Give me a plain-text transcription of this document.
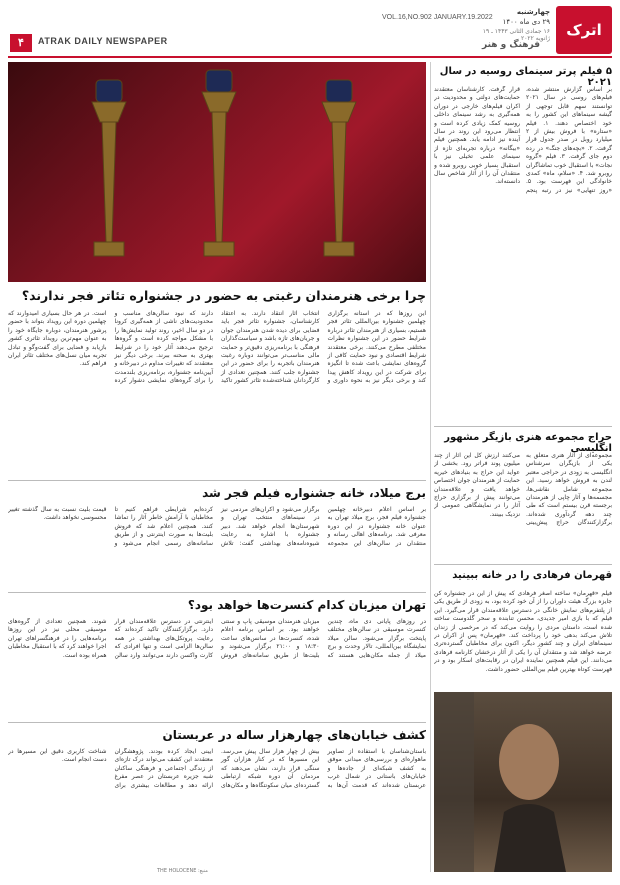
۴	ATRAK DAILY NEWSPAPER
VOL.16,NO.902 JANUARY.19.2022
چهارشنبه
۲۹ دی ماه ۱۴۰۰
۱۶ جمادی الثانی ۱۴۴۳ ـ ۱۹ ژانویه ۲۰۲۲
فرهنگ و هنر
اترک
چرا برخی هنرمندان رغبتی به حضور در جشنواره تئاتر فجر ندارند؟
این روزها که در آستانه برگزاری چهلمین جشنواره بین‌المللی تئاتر فجر هستیم، بسیاری از هنرمندان تئاتر درباره شرایط حضور در این جشنواره نظرات مختلفی مطرح می‌کنند. برخی معتقدند شرایط اقتصادی و نبود حمایت کافی از گروه‌های نمایشی باعث شده تا انگیزه برای شرکت در این رویداد کاهش پیدا کند و برخی دیگر نیز به نحوه داوری و انتخاب آثار انتقاد دارند. به اعتقاد کارشناسان، جشنواره تئاتر فجر باید فضایی برای دیده شدن هنرمندان جوان و جریان‌های تازه باشد و سیاست‌گذاران فرهنگی با برنامه‌ریزی دقیق‌تر و حمایت مالی مناسب‌تر می‌توانند دوباره رغبت هنرمندان باتجربه را برای حضور در این جشنواره جلب کنند. همچنین تعدادی از کارگردانان شناخته‌شده تئاتر کشور تاکید دارند که نبود سالن‌های مناسب و محدودیت‌های ناشی از همه‌گیری کرونا در دو سال اخیر، روند تولید نمایش‌ها را با مشکل مواجه کرده است و گروه‌ها ترجیح می‌دهند آثار خود را در شرایط بهتری به صحنه ببرند. برخی دیگر نیز معتقدند که تغییرات مداوم در دبیرخانه و آیین‌نامه جشنواره، برنامه‌ریزی بلندمدت را برای گروه‌های نمایشی دشوار کرده است. در هر حال بسیاری امیدوارند که چهلمین دوره این رویداد بتواند با حضور پرشور هنرمندان، دوباره جایگاه خود را به عنوان مهم‌ترین رویداد تئاتری کشور بازیابد و فضایی برای گفت‌وگو و تبادل تجربه میان نسل‌های مختلف تئاتر ایران فراهم کند.
برج میلاد، خانه جشنواره فیلم فجر شد
بر اساس اعلام دبیرخانه چهلمین جشنواره فیلم فجر، برج میلاد تهران به عنوان خانه جشنواره در این دوره معرفی شد. برنامه‌های اهالی رسانه و منتقدان در سالن‌های این مجموعه برگزار می‌شود و اکران‌های مردمی نیز در سینماهای منتخب تهران و شهرستان‌ها انجام خواهد شد. دبیر جشنواره با اشاره به رعایت شیوه‌نامه‌های بهداشتی گفت: تلاش کرده‌ایم شرایطی فراهم کنیم تا مخاطبان با آرامش خاطر آثار را تماشا کنند. همچنین اعلام شد که فروش بلیت‌ها به صورت اینترنتی و از طریق سامانه‌های رسمی انجام می‌شود و قیمت بلیت نسبت به سال گذشته تغییر محسوسی نخواهد داشت.
تهران میزبان کدام کنسرت‌ها خواهد بود؟
در روزهای پایانی دی ماه، چندین کنسرت موسیقی در سالن‌های مختلف پایتخت برگزار می‌شود. سالن میلاد نمایشگاه بین‌المللی، تالار وحدت و برج میلاد از جمله مکان‌هایی هستند که میزبان هنرمندان موسیقی پاپ و سنتی خواهند بود. بر اساس برنامه اعلام شده، کنسرت‌ها در سانس‌های ساعت ۱۸:۳۰ و ۲۱:۰۰ برگزار می‌شوند و بلیت‌ها از طریق سامانه‌های فروش اینترنتی در دسترس علاقه‌مندان قرار دارد. برگزارکنندگان تاکید کرده‌اند که رعایت پروتکل‌های بهداشتی در همه سالن‌ها الزامی است و تنها افرادی که کارت واکسن دارند می‌توانند وارد سالن شوند. همچنین تعدادی از گروه‌های موسیقی محلی نیز در این روزها برنامه‌هایی را در فرهنگسراهای تهران اجرا خواهند کرد که با استقبال مخاطبان همراه بوده است.
کشف خیابان‌های چهارهزار ساله در عربستان
باستان‌شناسان با استفاده از تصاویر ماهواره‌ای و بررسی‌های میدانی موفق به کشف شبکه‌ای از جاده‌ها و خیابان‌های باستانی در شمال غرب عربستان شده‌اند که قدمت آن‌ها به بیش از چهار هزار سال پیش می‌رسد. این مسیرها که در کنار هزاران گور سنگی قرار دارند، نشان می‌دهند که مردمان آن دوره شبکه ارتباطی گسترده‌ای میان سکونتگاه‌ها و مکان‌های آیینی ایجاد کرده بودند. پژوهشگران معتقدند این کشف می‌تواند درک تازه‌ای از زندگی اجتماعی و فرهنگی ساکنان شبه جزیره عربستان در عصر مفرغ ارائه دهد و مطالعات بیشتری برای شناخت کاربری دقیق این مسیرها در دست انجام است.
منبع: THE HOLOCENE
۵ فیلم پرتر سینمای روسیه در سال ۲۰۲۱
بر اساس گزارش منتشر شده، فیلم‌های روسی در سال ۲۰۲۱ توانستند سهم قابل توجهی از گیشه سینماهای این کشور را به خود اختصاص دهند. ۱. فیلم «ستاره» با فروش بیش از ۲ میلیارد روبل در صدر جدول قرار گرفت. ۲. «بچه‌های جنگ» در رده دوم جای گرفت. ۳. فیلم «گروه نجات» با استقبال خوب تماشاگران روبرو شد. ۴. «سلام، ماه» کمدی خانوادگی این فهرست بود. ۵. «روز تنهایی» نیز در رتبه پنجم قرار گرفت. کارشناسان معتقدند حمایت‌های دولتی و محدودیت در اکران فیلم‌های خارجی در دوران همه‌گیری به رشد سینمای داخلی روسیه کمک زیادی کرده است و انتظار می‌رود این روند در سال آینده نیز ادامه یابد. همچنین فیلم «بیگانه» درباره تجربه‌ای تازه از سینمای علمی تخیلی نیز با استقبال بسیار خوبی روبرو شده و منتقدان آن را از آثار شاخص سال دانسته‌اند.
حراج مجموعه هنری بازیگر مشهور انگلیسی
مجموعه‌ای از آثار هنری متعلق به یکی از بازیگران سرشناس انگلیسی به زودی در حراجی معتبر لندن به فروش خواهد رسید. این مجموعه شامل نقاشی‌ها، مجسمه‌ها و آثار چاپی از هنرمندان برجسته قرن بیستم است که طی چند دهه گردآوری شده‌اند. برگزارکنندگان حراج پیش‌بینی می‌کنند ارزش کل این آثار از چند میلیون پوند فراتر رود. بخشی از عواید این حراج به بنیادهای خیریه حمایت از هنرمندان جوان اختصاص خواهد یافت و علاقه‌مندان می‌توانند پیش از برگزاری حراج آثار را در نمایشگاهی عمومی از نزدیک ببینند.
قهرمان فرهادی را در خانه ببینید
فیلم «قهرمان» ساخته اصغر فرهادی که پیش از این در جشنواره کن جایزه بزرگ هیئت داوران را از آن خود کرده بود، به زودی از طریق یکی از پلتفرم‌های نمایش خانگی در دسترس علاقه‌مندان قرار می‌گیرد. این فیلم که با بازی امیر جدیدی، محسن تنابنده و سحر گلدوست ساخته شده است، داستان مردی را روایت می‌کند که در مرخصی از زندان تلاش می‌کند بدهی خود را پرداخت کند. «قهرمان» پس از اکران در سینماهای ایران و چند کشور دیگر، اکنون برای مخاطبان گسترده‌تری عرضه خواهد شد و منتقدان آن را یکی از آثار درخشان کارنامه فرهادی می‌دانند. این فیلم همچنین نماینده ایران در رقابت‌های اسکار بود و در فهرست کوتاه بهترین فیلم بین‌المللی حضور داشت.
